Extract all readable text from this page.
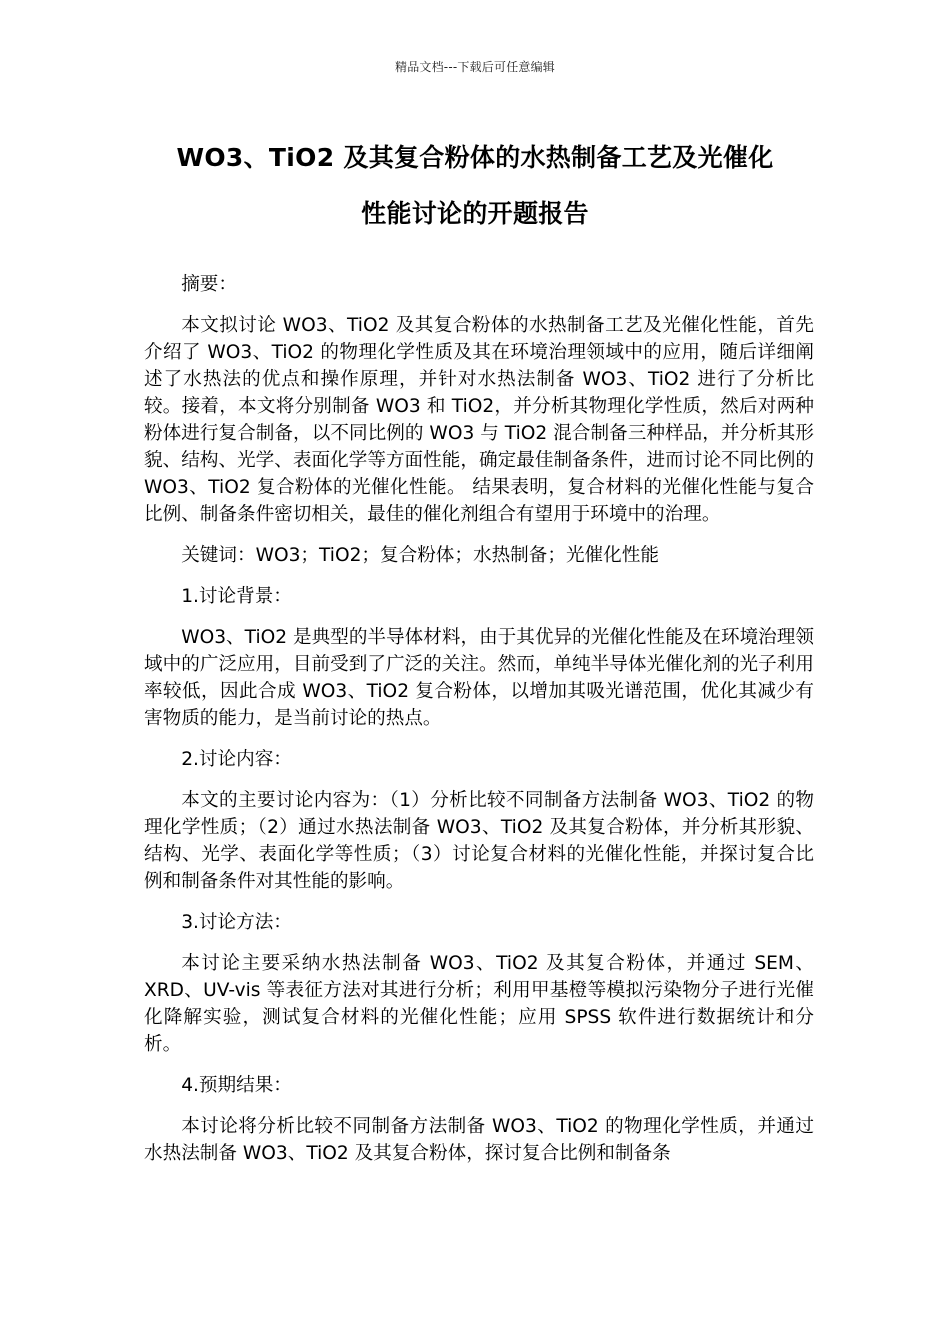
精品文档---下载后可任意编辑
WO3、TiO2 及其复合粉体的水热制备工艺及光催化
性能讨论的开题报告

摘要：

本文拟讨论 WO3、TiO2 及其复合粉体的水热制备工艺及光催化性能，首先介绍了 WO3、TiO2 的物理化学性质及其在环境治理领域中的应用，随后详细阐述了水热法的优点和操作原理，并针对水热法制备 WO3、TiO2 进行了分析比较。接着，本文将分别制备 WO3 和 TiO2，并分析其物理化学性质，然后对两种粉体进行复合制备，以不同比例的 WO3 与 TiO2 混合制备三种样品，并分析其形貌、结构、光学、表面化学等方面性能，确定最佳制备条件，进而讨论不同比例的 WO3、TiO2 复合粉体的光催化性能。 结果表明，复合材料的光催化性能与复合比例、制备条件密切相关，最佳的催化剂组合有望用于环境中的治理。

关键词：WO3；TiO2；复合粉体；水热制备；光催化性能

1.讨论背景：

WO3、TiO2 是典型的半导体材料，由于其优异的光催化性能及在环境治理领域中的广泛应用，目前受到了广泛的关注。然而，单纯半导体光催化剂的光子利用率较低，因此合成 WO3、TiO2 复合粉体，以增加其吸光谱范围，优化其减少有害物质的能力，是当前讨论的热点。

2.讨论内容：

本文的主要讨论内容为：（1）分析比较不同制备方法制备 WO3、TiO2 的物理化学性质；（2）通过水热法制备 WO3、TiO2 及其复合粉体，并分析其形貌、结构、光学、表面化学等性质；（3）讨论复合材料的光催化性能，并探讨复合比例和制备条件对其性能的影响。

3.讨论方法：

本讨论主要采纳水热法制备 WO3、TiO2 及其复合粉体，并通过 SEM、XRD、UV-vis 等表征方法对其进行分析；利用甲基橙等模拟污染物分子进行光催化降解实验，测试复合材料的光催化性能；应用 SPSS 软件进行数据统计和分析。

4.预期结果：

本讨论将分析比较不同制备方法制备 WO3、TiO2 的物理化学性质，并通过水热法制备 WO3、TiO2 及其复合粉体，探讨复合比例和制备条
